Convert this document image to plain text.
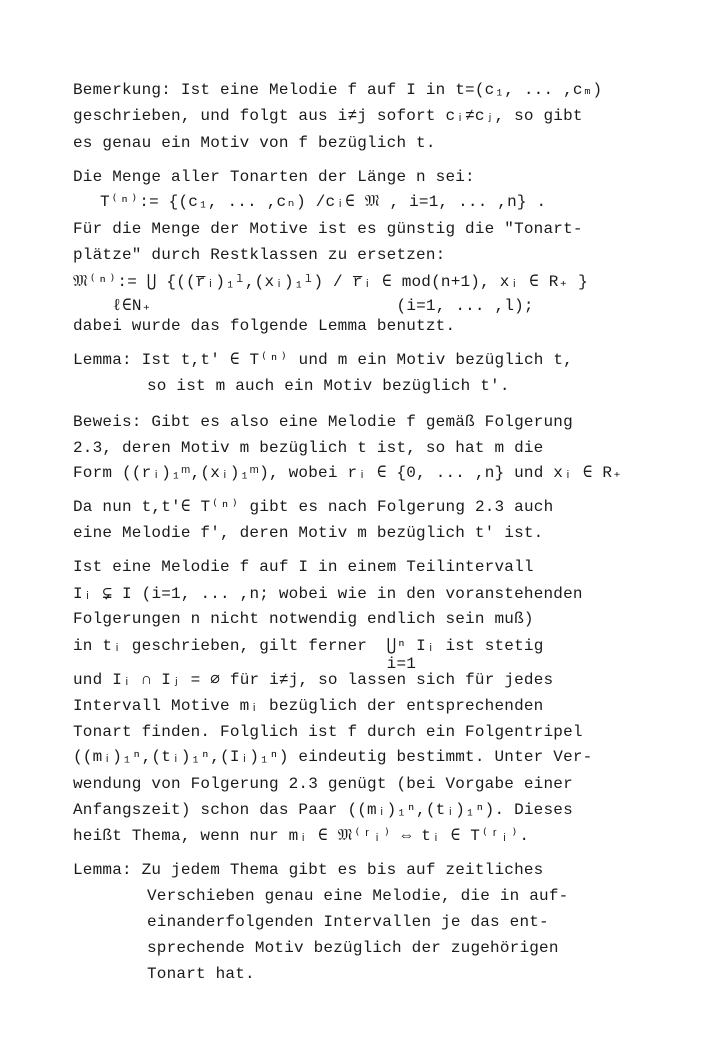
Bemerkung: Ist eine Melodie f auf I in t=(c₁, ... ,cₘ)
geschrieben, und folgt aus i≠j sofort cᵢ≠cⱼ, so gibt
es genau ein Motiv von f bezüglich t.
Die Menge aller Tonarten der Länge n sei:
T⁽ⁿ⁾:= {(c₁, ... ,cₙ) /cᵢ∈ 𝔐 , i=1, ... ,n} .
Für die Menge der Motive ist es günstig die "Tonart-
plätze" durch Restklassen zu ersetzen:
𝔐⁽ⁿ⁾:= ⋃ {((r̅ᵢ)₁ˡ,(xᵢ)₁ˡ) / r̅ᵢ ∈ mod(n+1), xᵢ ∈ R₊ }
ℓ∈N₊                         (i=1, ... ,l);
dabei wurde das folgende Lemma benutzt.
Lemma: Ist t,t′ ∈ T⁽ⁿ⁾ und m ein Motiv bezüglich t,
so ist m auch ein Motiv bezüglich t′.
Beweis: Gibt es also eine Melodie f gemäß Folgerung
2.3, deren Motiv m bezüglich t ist, so hat m die
Form ((rᵢ)₁ᵐ,(xᵢ)₁ᵐ), wobei rᵢ ∈ {0, ... ,n} und xᵢ ∈ R₊
Da nun t,t′∈ T⁽ⁿ⁾ gibt es nach Folgerung 2.3 auch
eine Melodie f′, deren Motiv m bezüglich t′ ist.
Ist eine Melodie f auf I in einem Teilintervall
Iᵢ ⊊ I (i=1, ... ,n; wobei wie in den voranstehenden
Folgerungen n nicht notwendig endlich sein muß)
in tᵢ geschrieben, gilt ferner  ⋃ⁿ Iᵢ ist stetig
i=1
und Iᵢ ∩ Iⱼ = ∅ für i≠j, so lassen sich für jedes
Intervall Motive mᵢ bezüglich der entsprechenden
Tonart finden. Folglich ist f durch ein Folgentripel
((mᵢ)₁ⁿ,(tᵢ)₁ⁿ,(Iᵢ)₁ⁿ) eindeutig bestimmt. Unter Ver-
wendung von Folgerung 2.3 genügt (bei Vorgabe einer
Anfangszeit) schon das Paar ((mᵢ)₁ⁿ,(tᵢ)₁ⁿ). Dieses
heißt Thema, wenn nur mᵢ ∈ 𝔐⁽ʳᵢ⁾ ⇔ tᵢ ∈ T⁽ʳᵢ⁾.
Lemma: Zu jedem Thema gibt es bis auf zeitliches
Verschieben genau eine Melodie, die in auf-
einanderfolgenden Intervallen je das ent-
sprechende Motiv bezüglich der zugehörigen
Tonart hat.
